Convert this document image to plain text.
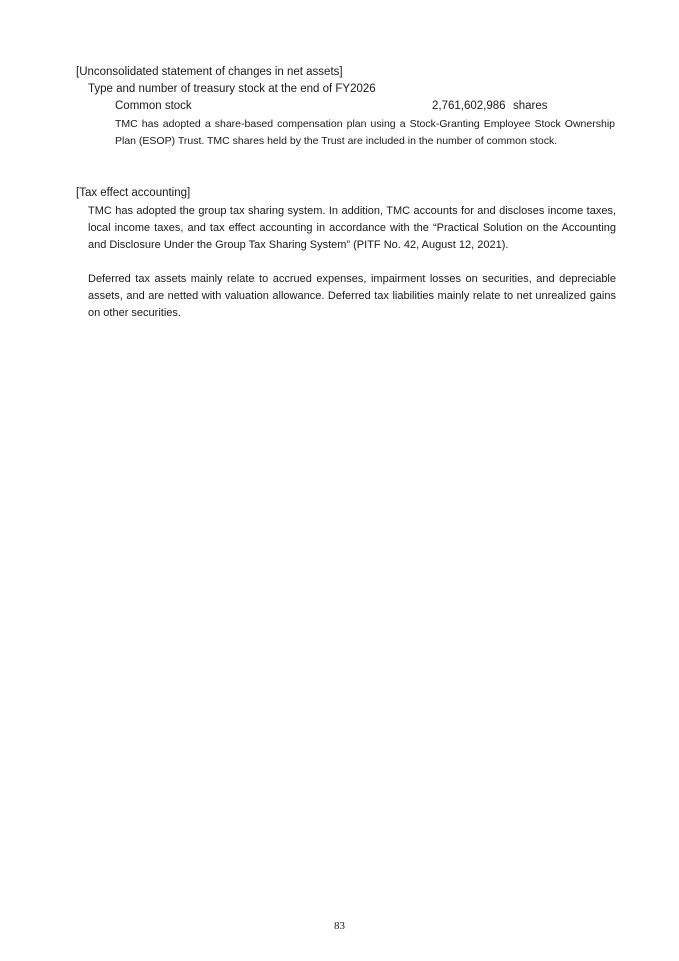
[Unconsolidated statement of changes in net assets]
Type and number of treasury stock at the end of FY2026
Common stock	2,761,602,986 shares
TMC has adopted a share-based compensation plan using a Stock-Granting Employee Stock Ownership Plan (ESOP) Trust. TMC shares held by the Trust are included in the number of common stock.
[Tax effect accounting]
TMC has adopted the group tax sharing system. In addition, TMC accounts for and discloses income taxes, local income taxes, and tax effect accounting in accordance with the “Practical Solution on the Accounting and Disclosure Under the Group Tax Sharing System” (PITF No. 42, August 12, 2021).
Deferred tax assets mainly relate to accrued expenses, impairment losses on securities, and depreciable assets, and are netted with valuation allowance. Deferred tax liabilities mainly relate to net unrealized gains on other securities.
83
